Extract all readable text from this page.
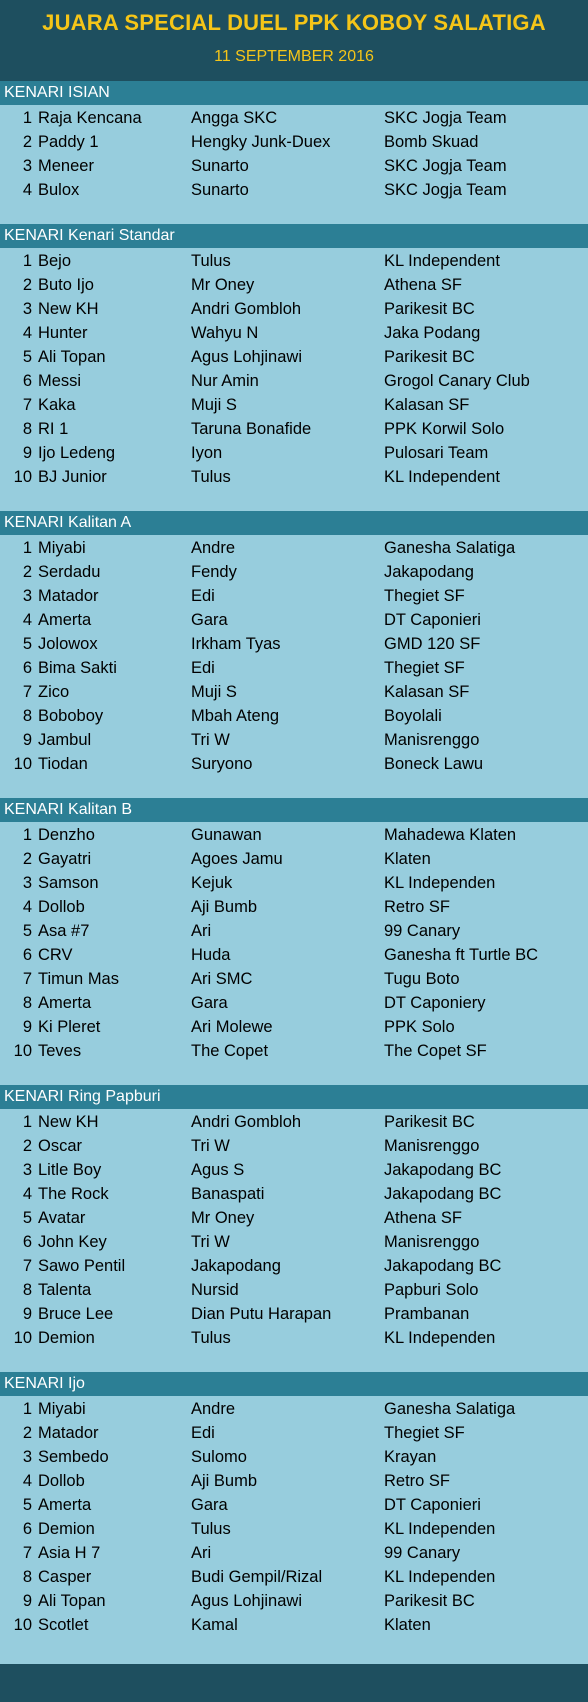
JUARA SPECIAL DUEL PPK KOBOY SALATIGA
11 SEPTEMBER 2016
KENARI ISIAN
1 Raja Kencana	Angga SKC	SKC Jogja Team
2 Paddy 1	Hengky Junk-Duex	Bomb Skuad
3 Meneer	Sunarto	SKC Jogja Team
4 Bulox	Sunarto	SKC Jogja Team
KENARI Kenari Standar
1 Bejo	Tulus	KL Independent
2 Buto Ijo	Mr Oney	Athena SF
3 New KH	Andri Gombloh	Parikesit BC
4 Hunter	Wahyu N	Jaka Podang
5 Ali Topan	Agus Lohjinawi	Parikesit BC
6 Messi	Nur Amin	Grogol Canary Club
7 Kaka	Muji S	Kalasan SF
8 RI 1	Taruna Bonafide	PPK Korwil Solo
9 Ijo Ledeng	Iyon	Pulosari Team
10 BJ Junior	Tulus	KL Independent
KENARI Kalitan A
1 Miyabi	Andre	Ganesha Salatiga
2 Serdadu	Fendy	Jakapodang
3 Matador	Edi	Thegiet SF
4 Amerta	Gara	DT Caponieri
5 Jolowox	Irkham Tyas	GMD 120 SF
6 Bima Sakti	Edi	Thegiet SF
7 Zico	Muji S	Kalasan SF
8 Boboboy	Mbah Ateng	Boyolali
9 Jambul	Tri W	Manisrenggo
10 Tiodan	Suryono	Boneck Lawu
KENARI Kalitan B
1 Denzho	Gunawan	Mahadewa Klaten
2 Gayatri	Agoes Jamu	Klaten
3 Samson	Kejuk	KL Independen
4 Dollob	Aji Bumb	Retro SF
5 Asa #7	Ari	99 Canary
6 CRV	Huda	Ganesha ft Turtle BC
7 Timun Mas	Ari SMC	Tugu Boto
8 Amerta	Gara	DT Caponiery
9 Ki Pleret	Ari Molewe	PPK Solo
10 Teves	The Copet	The Copet SF
KENARI Ring Papburi
1 New KH	Andri Gombloh	Parikesit BC
2 Oscar	Tri W	Manisrenggo
3 Litle Boy	Agus S	Jakapodang BC
4 The Rock	Banaspati	Jakapodang BC
5 Avatar	Mr Oney	Athena SF
6 John Key	Tri W	Manisrenggo
7 Sawo Pentil	Jakapodang	Jakapodang BC
8 Talenta	Nursid	Papburi Solo
9 Bruce Lee	Dian Putu Harapan	Prambanan
10 Demion	Tulus	KL Independen
KENARI Ijo
1 Miyabi	Andre	Ganesha Salatiga
2 Matador	Edi	Thegiet SF
3 Sembedo	Sulomo	Krayan
4 Dollob	Aji Bumb	Retro SF
5 Amerta	Gara	DT Caponieri
6 Demion	Tulus	KL Independen
7 Asia H 7	Ari	99 Canary
8 Casper	Budi Gempil/Rizal	KL Independen
9 Ali Topan	Agus Lohjinawi	Parikesit BC
10 Scotlet	Kamal	Klaten
